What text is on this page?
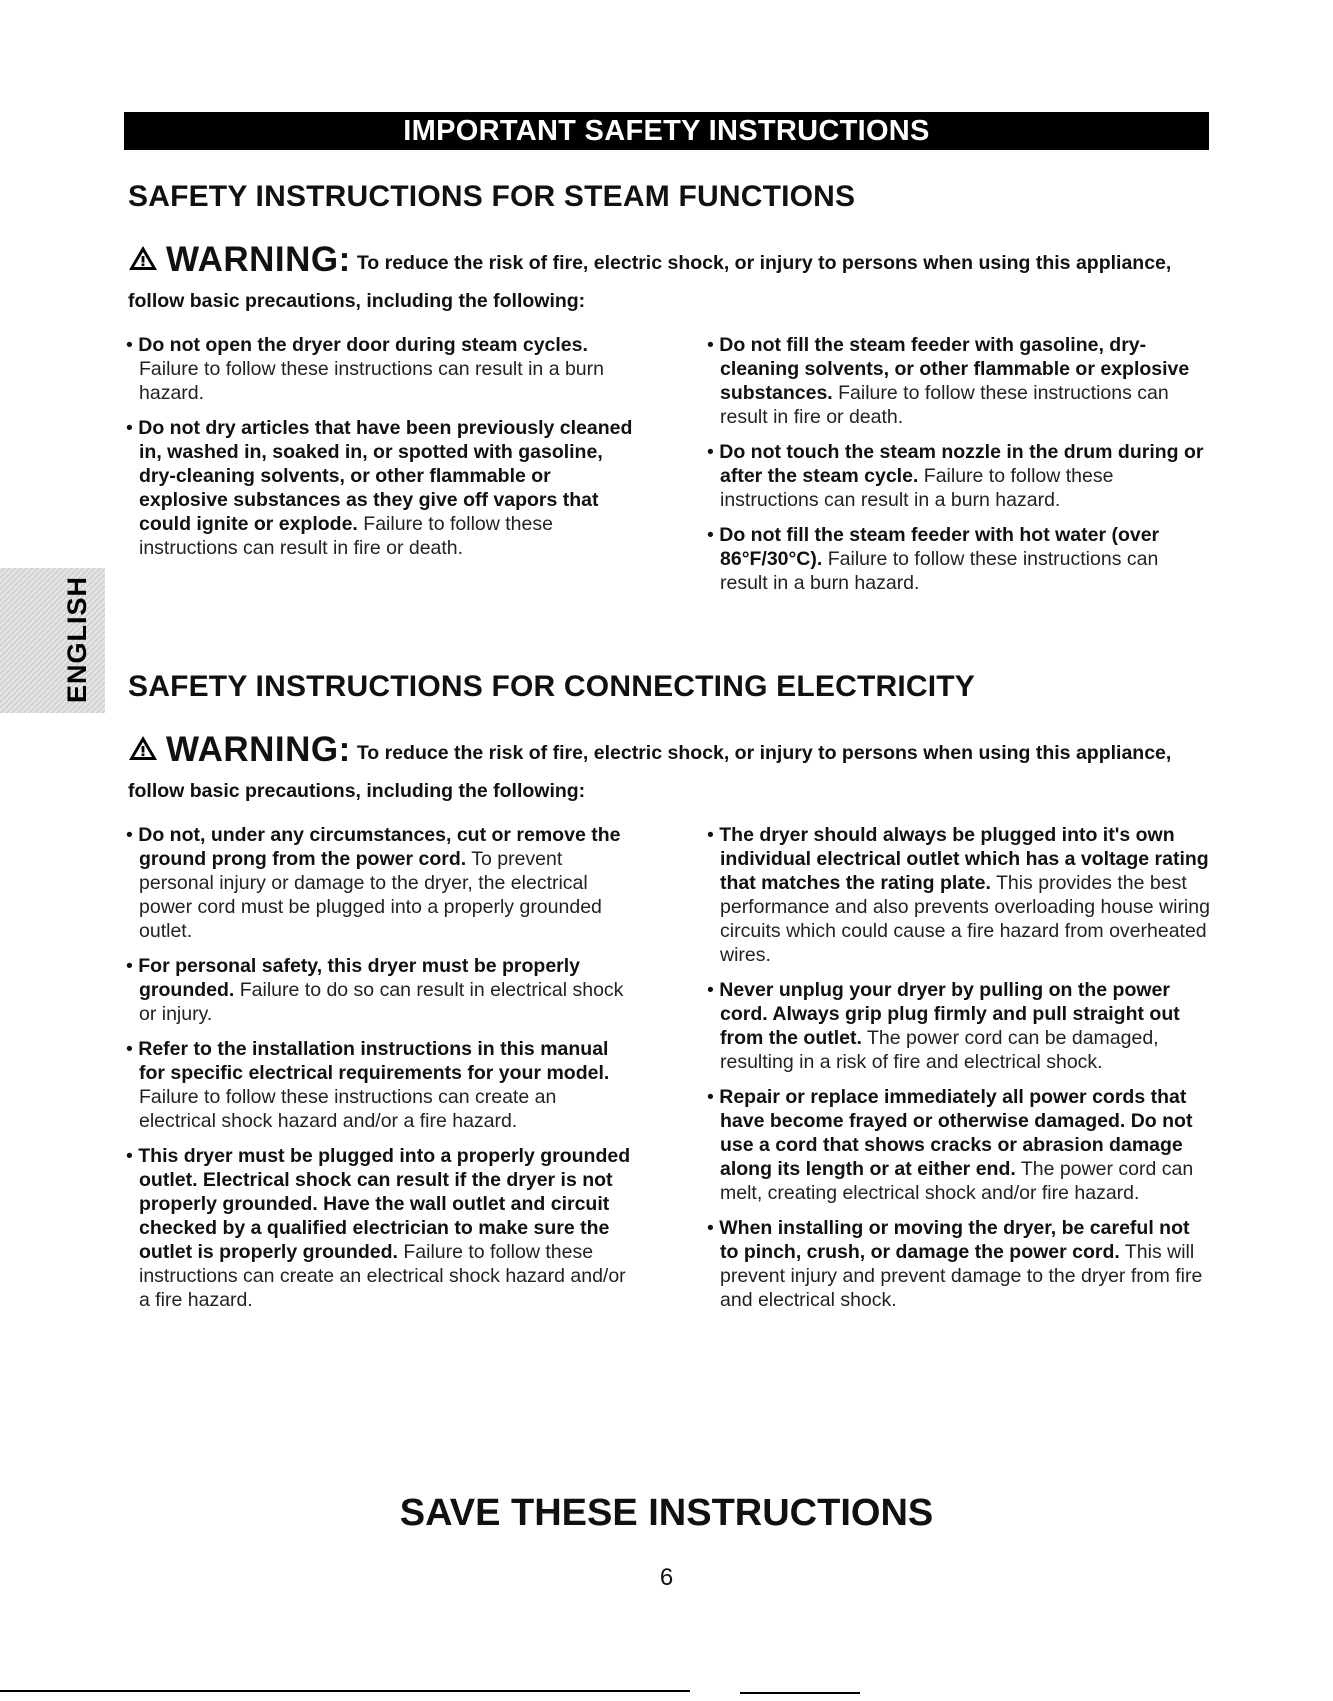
IMPORTANT SAFETY INSTRUCTIONS
ENGLISH
SAFETY INSTRUCTIONS FOR STEAM FUNCTIONS
WARNING: To reduce the risk of fire, electric shock, or injury to persons when using this appliance,
follow basic precautions, including the following:
• Do not open the dryer door during steam cycles. Failure to follow these instructions can result in a burn hazard.
• Do not dry articles that have been previously cleaned in, washed in, soaked in, or spotted with gasoline, dry-cleaning solvents, or other flammable or explosive substances as they give off vapors that could ignite or explode. Failure to follow these instructions can result in fire or death.
• Do not fill the steam feeder with gasoline, dry-cleaning solvents, or other flammable or explosive substances. Failure to follow these instructions can result in fire or death.
• Do not touch the steam nozzle in the drum during or after the steam cycle. Failure to follow these instructions can result in a burn hazard.
• Do not fill the steam feeder with hot water (over 86°F/30°C). Failure to follow these instructions can result in a burn hazard.
SAFETY INSTRUCTIONS FOR CONNECTING ELECTRICITY
WARNING: To reduce the risk of fire, electric shock, or injury to persons when using this appliance,
follow basic precautions, including the following:
• Do not, under any circumstances, cut or remove the ground prong from the power cord. To prevent personal injury or damage to the dryer, the electrical power cord must be plugged into a properly grounded outlet.
• For personal safety, this dryer must be properly grounded. Failure to do so can result in electrical shock or injury.
• Refer to the installation instructions in this manual for specific electrical requirements for your model. Failure to follow these instructions can create an electrical shock hazard and/or a fire hazard.
• This dryer must be plugged into a properly grounded outlet. Electrical shock can result if the dryer is not properly grounded. Have the wall outlet and circuit checked by a qualified electrician to make sure the outlet is properly grounded. Failure to follow these instructions can create an electrical shock hazard and/or a fire hazard.
• The dryer should always be plugged into it's own individual electrical outlet which has a voltage rating that matches the rating plate. This provides the best performance and also prevents overloading house wiring circuits which could cause a fire hazard from overheated wires.
• Never unplug your dryer by pulling on the power cord. Always grip plug firmly and pull straight out from the outlet. The power cord can be damaged, resulting in a risk of fire and electrical shock.
• Repair or replace immediately all power cords that have become frayed or otherwise damaged. Do not use a cord that shows cracks or abrasion damage along its length or at either end. The power cord can melt, creating electrical shock and/or fire hazard.
• When installing or moving the dryer, be careful not to pinch, crush, or damage the power cord. This will prevent injury and prevent damage to the dryer from fire and electrical shock.
SAVE THESE INSTRUCTIONS
6
